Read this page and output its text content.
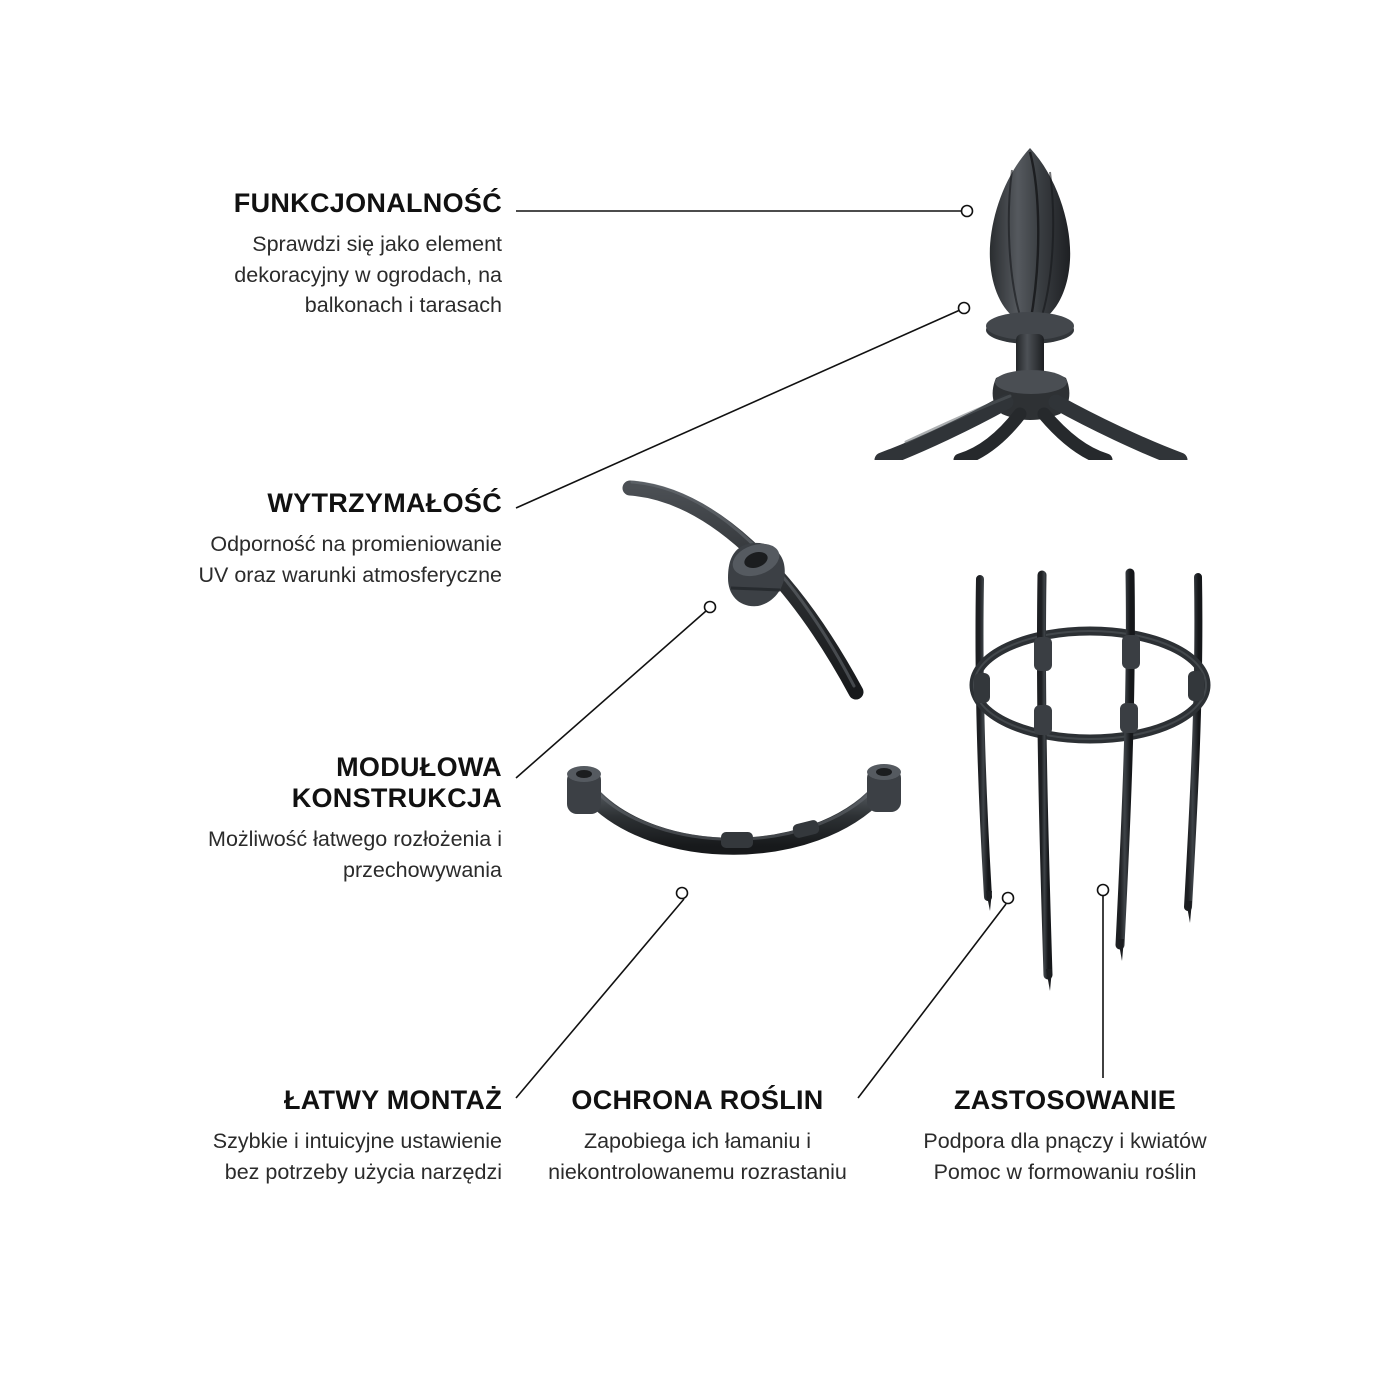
FUNKCJONALNOŚĆ

Sprawdzi się jako element dekoracyjny w ogrodach, na balkonach i tarasach

WYTRZYMAŁOŚĆ

Odporność na promieniowanie UV oraz warunki atmosferyczne

MODUŁOWA
KONSTRUKCJA

Możliwość łatwego rozłożenia i przechowywania

ŁATWY MONTAŻ

Szybkie i intuicyjne ustawienie bez potrzeby użycia narzędzi

OCHRONA ROŚLIN

Zapobiega ich łamaniu i niekontrolowanemu rozrastaniu

ZASTOSOWANIE

Podpora dla pnączy i kwiatów
Pomoc w formowaniu roślin
